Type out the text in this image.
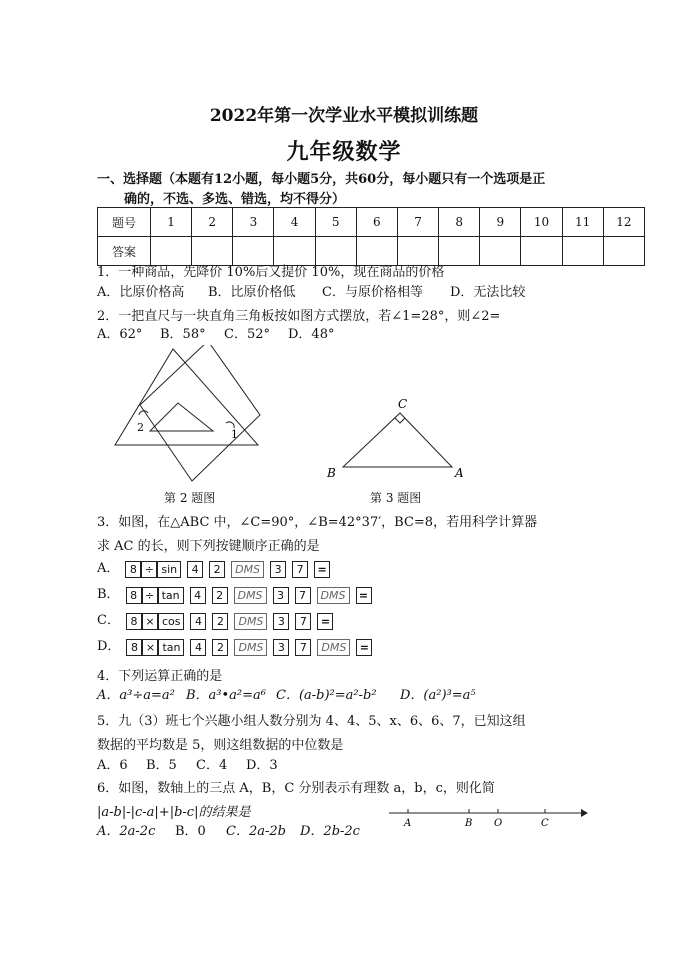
2022年第一次学业水平模拟训练题
九年级数学
一、选择题（本题有12小题，每小题5分，共60分，每小题只有一个选项是正
确的，不选、多选、错选，均不得分）
题号	1	2	3	4	5	6	7	8	9	10	11	12
答案												
1．一种商品，先降价 10%后又提价 10%，现在商品的价格
A．比原价格高 B．比原价格低 C．与原价格相等 D．无法比较
2．一把直尺与一块直角三角板按如图方式摆放，若∠1=28°，则∠2=
A．62° B．58° C．52° D．48°
2
1
第 2 题图
C
B	A
第 3 题图
3．如图，在△ABC 中，∠C=90°，∠B=42°37′，BC=8，若用科学计算器
求 AC 的长，则下列按键顺序正确的是
A． 8 ÷ sin	4	2	DMS	3	7	=
B． 8 ÷ tan	4	2	DMS	3	7	DMS	=
C． 8 × cos	4	2	DMS	3	7	=
D． 8 × tan	4	2	DMS	3	7	DMS	=
4．下列运算正确的是
A．a³÷a=a² B．a³•a²=a⁶ C．(a-b)²=a²-b² D．(a²)³=a⁵
5．九（3）班七个兴趣小组人数分别为 4、4、5、x、6、6、7，已知这组
数据的平均数是 5，则这组数据的中位数是
A．6 B．5 C．4 D．3
6．如图，数轴上的三点 A，B，C 分别表示有理数 a，b，c，则化简
|a-b|-|c-a|+|b-c|的结果是
A．2a-2c B．0 C．2a-2b D．2b-2c
A	B O	C
